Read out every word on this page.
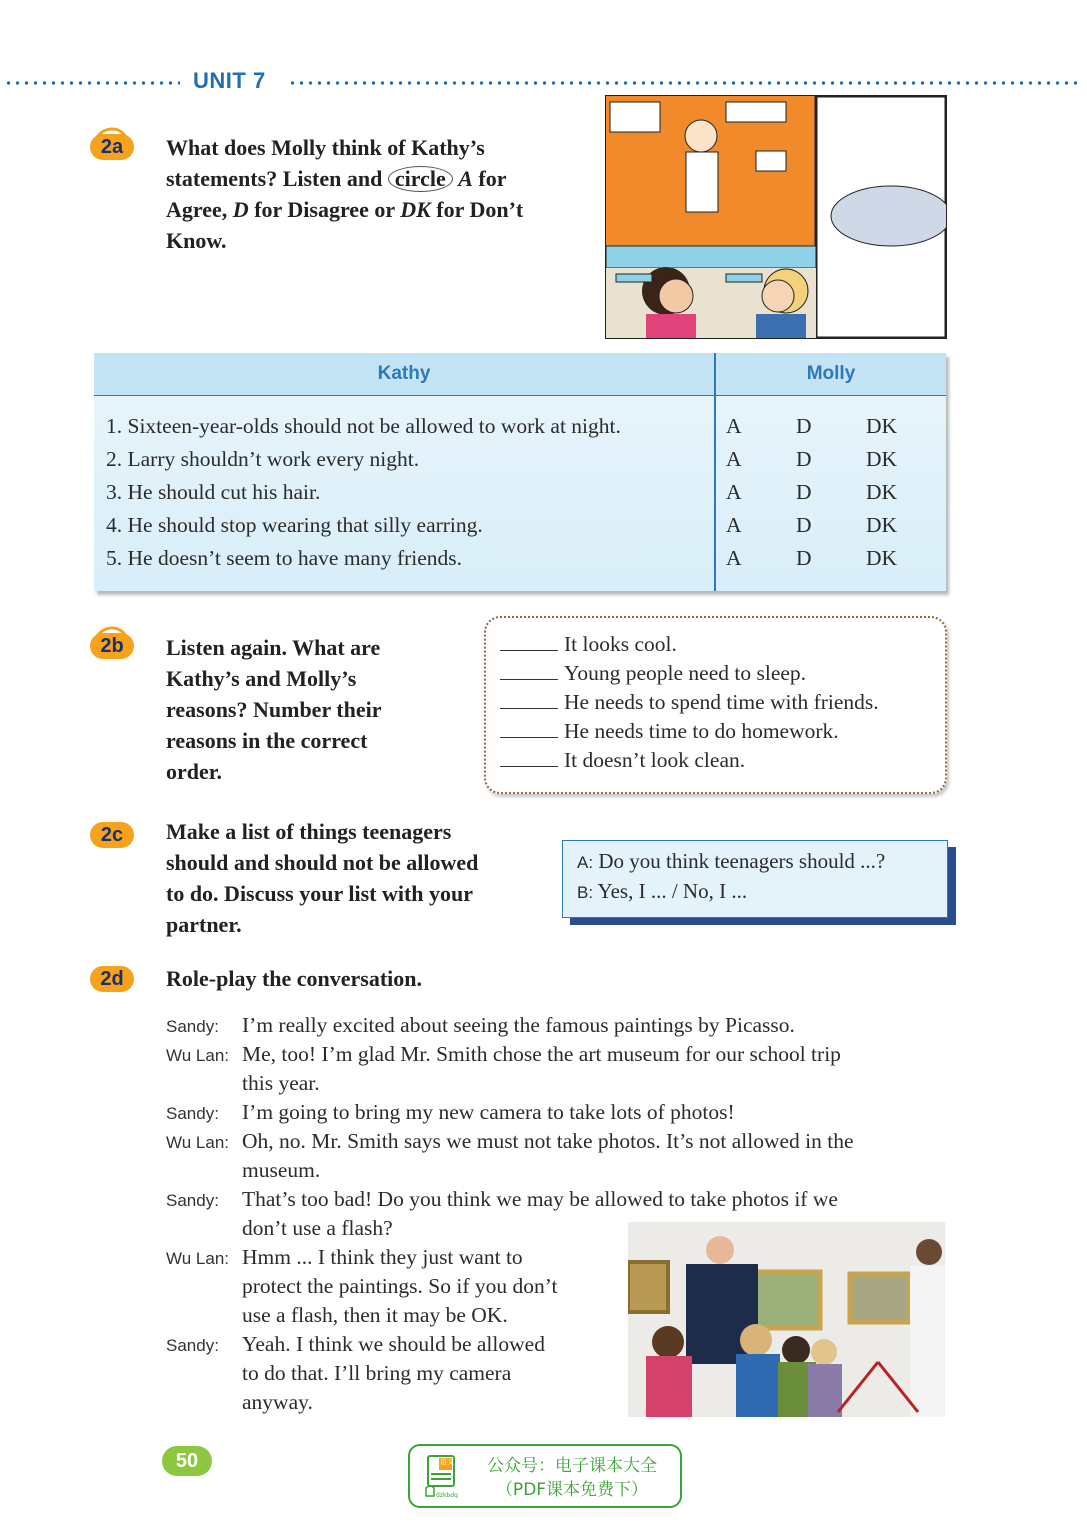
UNIT 7
2a	What does Molly think of Kathy’s
statements? Listen and circle A for
Agree, D for Disagree or DK for Don’t
Know.
Kathy	Molly
1. Sixteen-year-olds should not be allowed to work at night.	A	D	DK
2. Larry shouldn’t work every night.	A	D	DK
3. He should cut his hair.	A	D	DK
4. He should stop wearing that silly earring.	A	D	DK
5. He doesn’t seem to have many friends.	A	D	DK
2b	Listen again. What are
Kathy’s and Molly’s
reasons? Number their
reasons in the correct
order.
It looks cool.
Young people need to sleep.
He needs to spend time with friends.
He needs time to do homework.
It doesn’t look clean.
2c	Make a list of things teenagers
should and should not be allowed
to do. Discuss your list with your
partner.
A: Do you think teenagers should ...?
B: Yes, I ... / No, I ...
2d	Role-play the conversation.
Sandy: I’m really excited about seeing the famous paintings by Picasso.
Wu Lan: Me, too! I’m glad Mr. Smith chose the art museum for our school trip
this year.
Sandy: I’m going to bring my new camera to take lots of photos!
Wu Lan: Oh, no. Mr. Smith says we must not take photos. It’s not allowed in the
museum.
Sandy: That’s too bad! Do you think we may be allowed to take photos if we
don’t use a flash?
Wu Lan: Hmm ... I think they just want to
protect the paintings. So if you don’t
use a flash, then it may be OK.
Sandy: Yeah. I think we should be allowed
to do that. I’ll bring my camera
anyway.
50	语文
dzkbdq
公众号：电子课本大全
（PDF课本免费下）
